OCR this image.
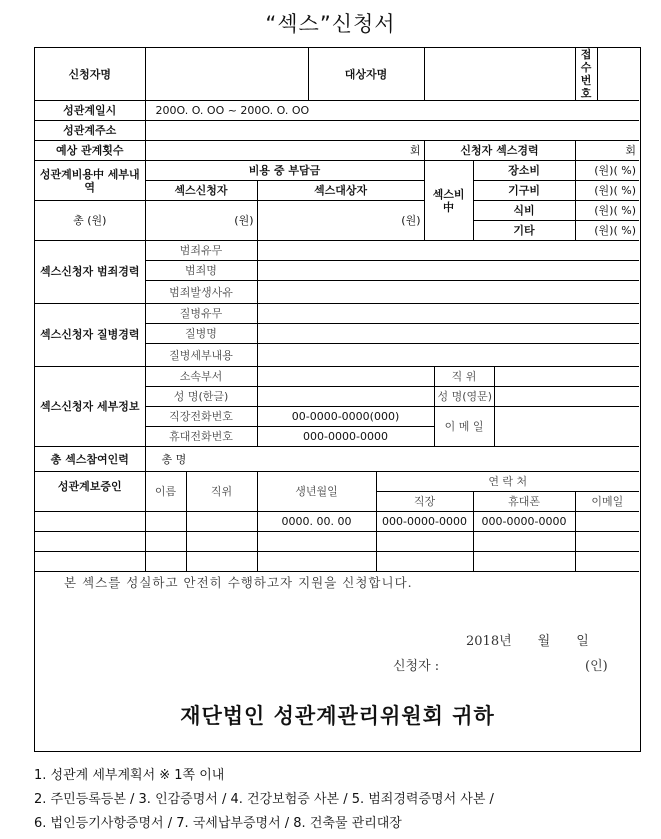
“섹스”신청서
신청자명				대상자명						접수번호	
성관계일시	200O. O. OO ~ 200O. O. OO										
성관계주소											
예상 관계횟수	회					신청자 섹스경력				회	
성관계비용中 세부내역	비용 중 부담금					섹스비 中		장소비		(원)( %)	
	섹스신청자		섹스대상자					기구비		(원)( %)	
총 (원)	(원)		(원)					식비		(원)( %)	
								기타		(원)( %)	
섹스신청자 범죄경력	범죄유무										
	범죄명										
	범죄발생사유										
섹스신청자 질병경력	질병유무										
	질병명										
	질병세부내용										
섹스신청자 세부정보	소속부서						직 위				
	성 명(한글)						성 명(영문)				
	직장전화번호		00-0000-0000(000)				이 메 일				
	휴대전화번호		000-0000-0000								
총 섹스참여인력	총 명										
성관계보증인	이름	직위	생년월일		연 락 처						
					직장			휴대폰		이메일	
			0000. 00. 00		000-0000-0000			000-0000-0000			

본 섹스를 성실하고 안전히 수행하고자 지원을 신청합니다.
2018년 월 일
신청자 :	(인)
재단법인 성관계관리위원회 귀하
1. 성관계 세부계획서 ※ 1쪽 이내
2. 주민등록등본 / 3. 인감증명서 / 4. 건강보험증 사본 / 5. 범죄경력증명서 사본 /
6. 법인등기사항증명서 / 7. 국세납부증명서 / 8. 건축물 관리대장
